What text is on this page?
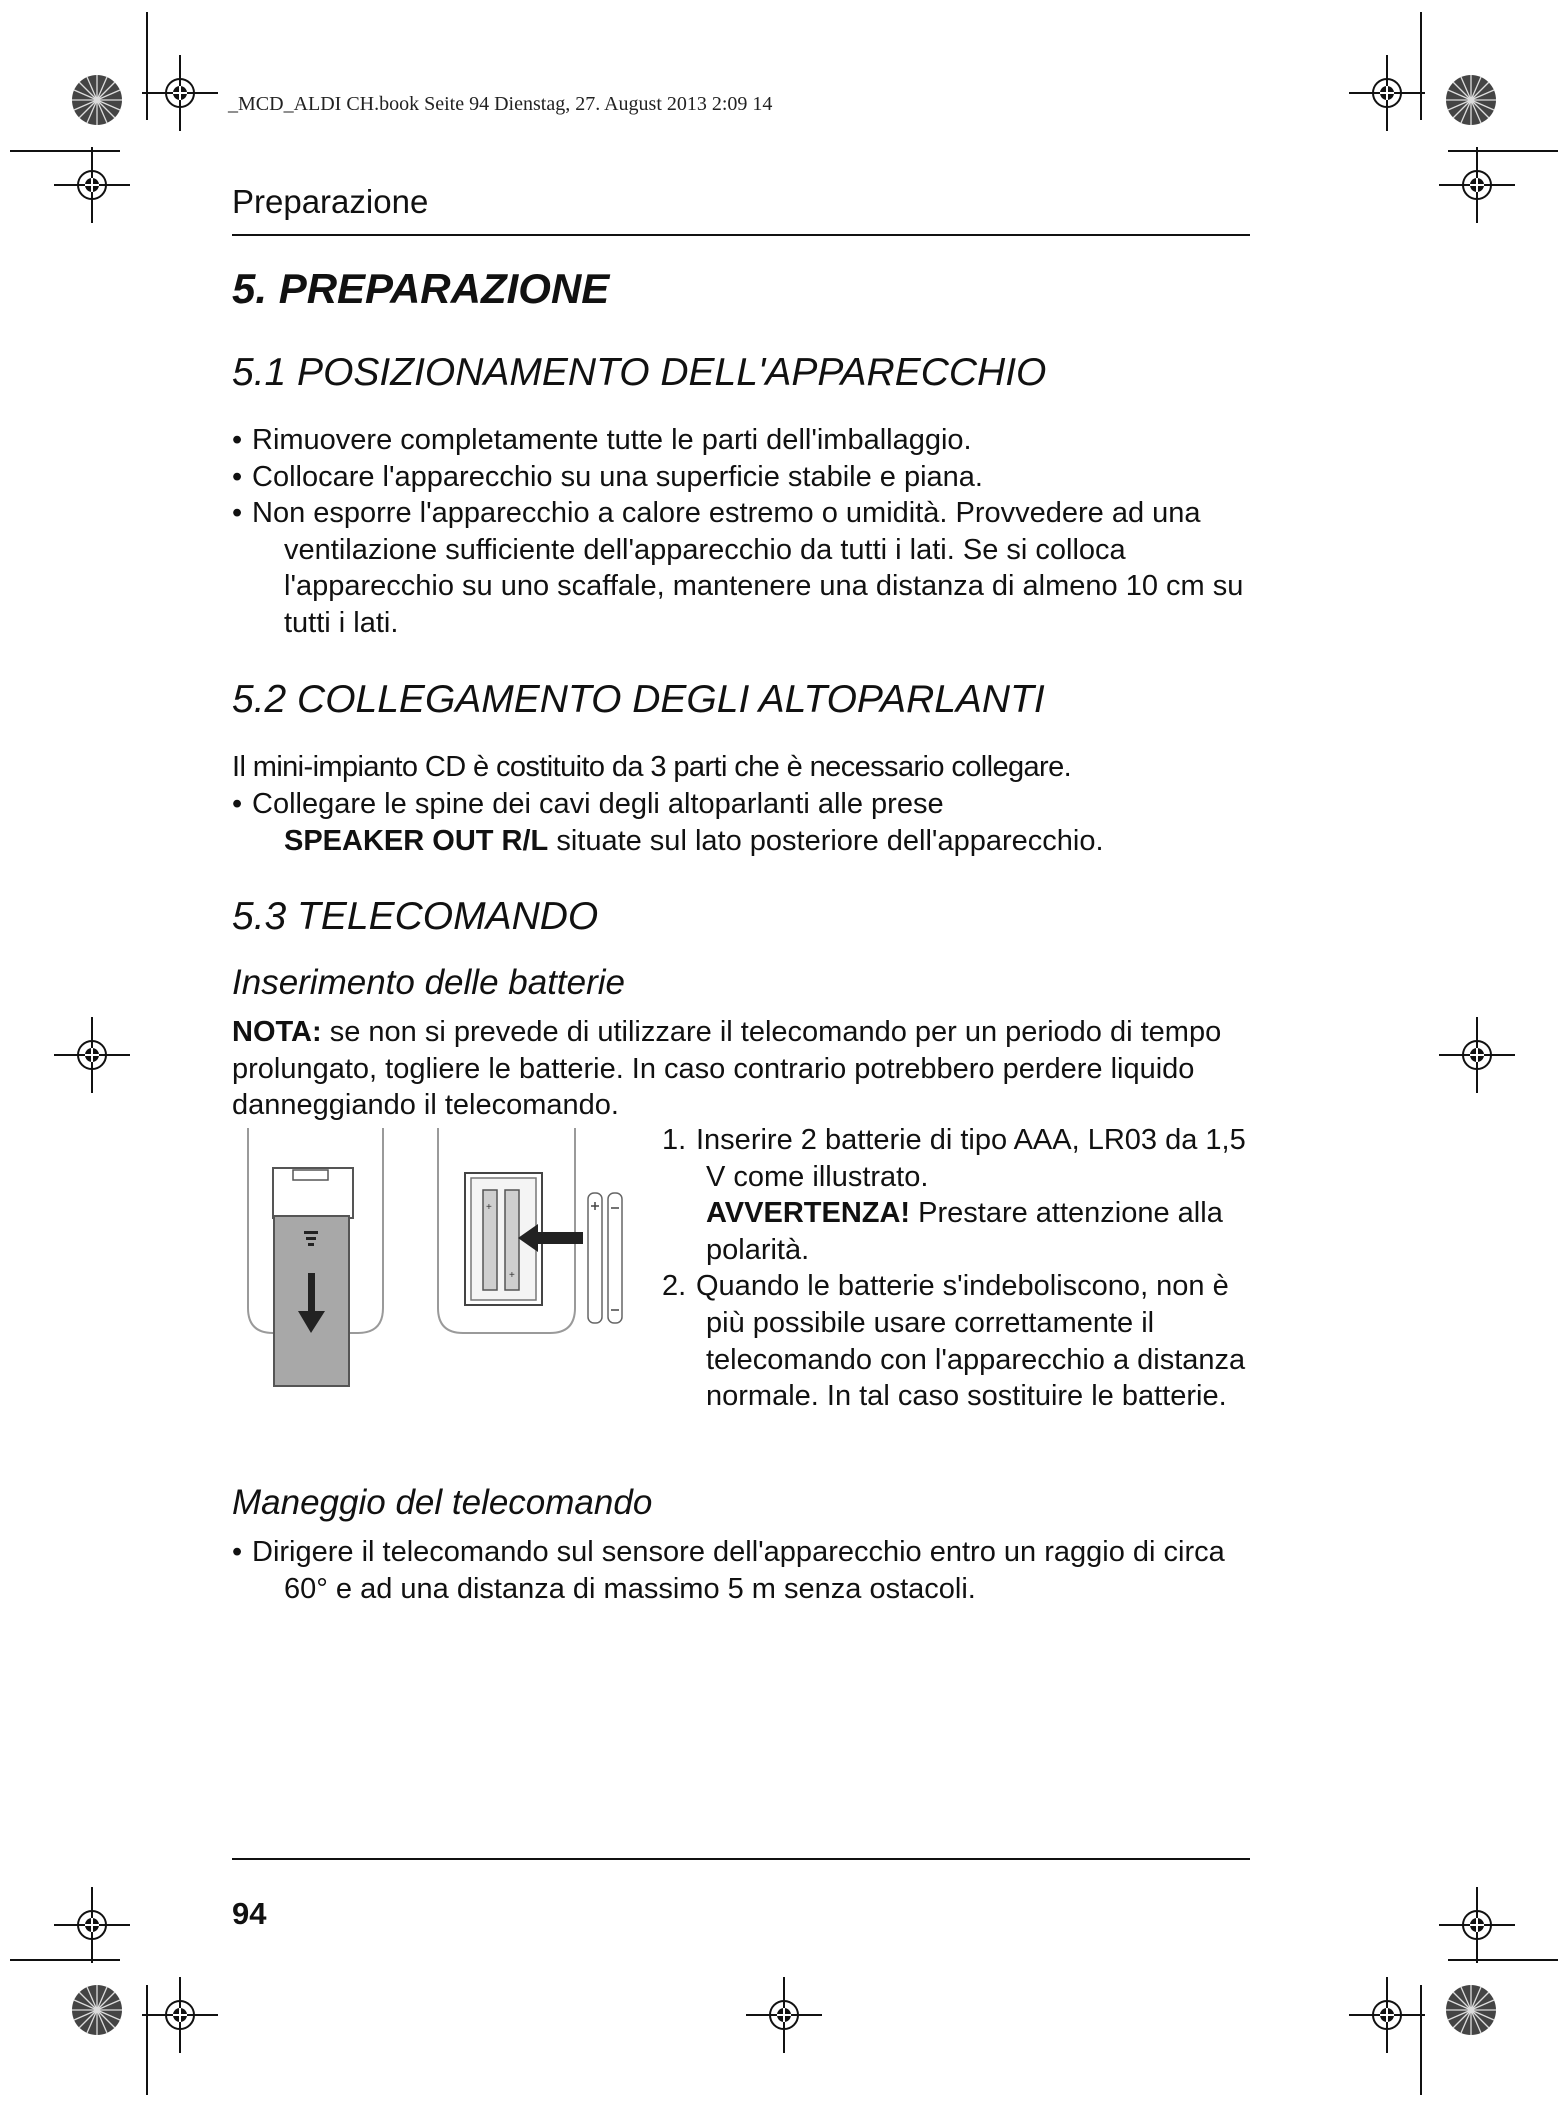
_MCD_ALDI CH.book Seite 94 Dienstag, 27. August 2013 2:09 14
Preparazione
5. PREPARAZIONE
5.1 POSIZIONAMENTO DELL'APPARECCHIO
• Rimuovere completamente tutte le parti dell'imballaggio.
• Collocare l'apparecchio su una superficie stabile e piana.
• Non esporre l'apparecchio a calore estremo o umidità. Provvedere ad una ventilazione sufficiente dell'apparecchio da tutti i lati. Se si colloca l'apparecchio su uno scaffale, mantenere una distanza di almeno 10 cm su tutti i lati.
5.2 COLLEGAMENTO DEGLI ALTOPARLANTI

Il mini-impianto CD è costituito da 3 parti che è necessario collegare.

• Collegare le spine dei cavi degli altoparlanti alle prese
SPEAKER OUT R/L situate sul lato posteriore dell'apparecchio.
5.3 TELECOMANDO
Inserimento delle batterie

NOTA: se non si prevede di utilizzare il telecomando per un periodo di tempo prolungato, togliere le batterie. In caso contrario potrebbero perdere liquido danneggiando il telecomando.

+
+
1. Inserire 2 batterie di tipo AAA, LR03 da 1,5 V come illustrato.
AVVERTENZA! Prestare attenzione alla polarità.
2. Quando le batterie s'indeboliscono, non è più possibile usare correttamente il telecomando con l'apparecchio a distanza normale. In tal caso sostituire le batterie.
Maneggio del telecomando
• Dirigere il telecomando sul sensore dell'apparecchio entro un raggio di circa 60° e ad una distanza di massimo 5 m senza ostacoli.
94
